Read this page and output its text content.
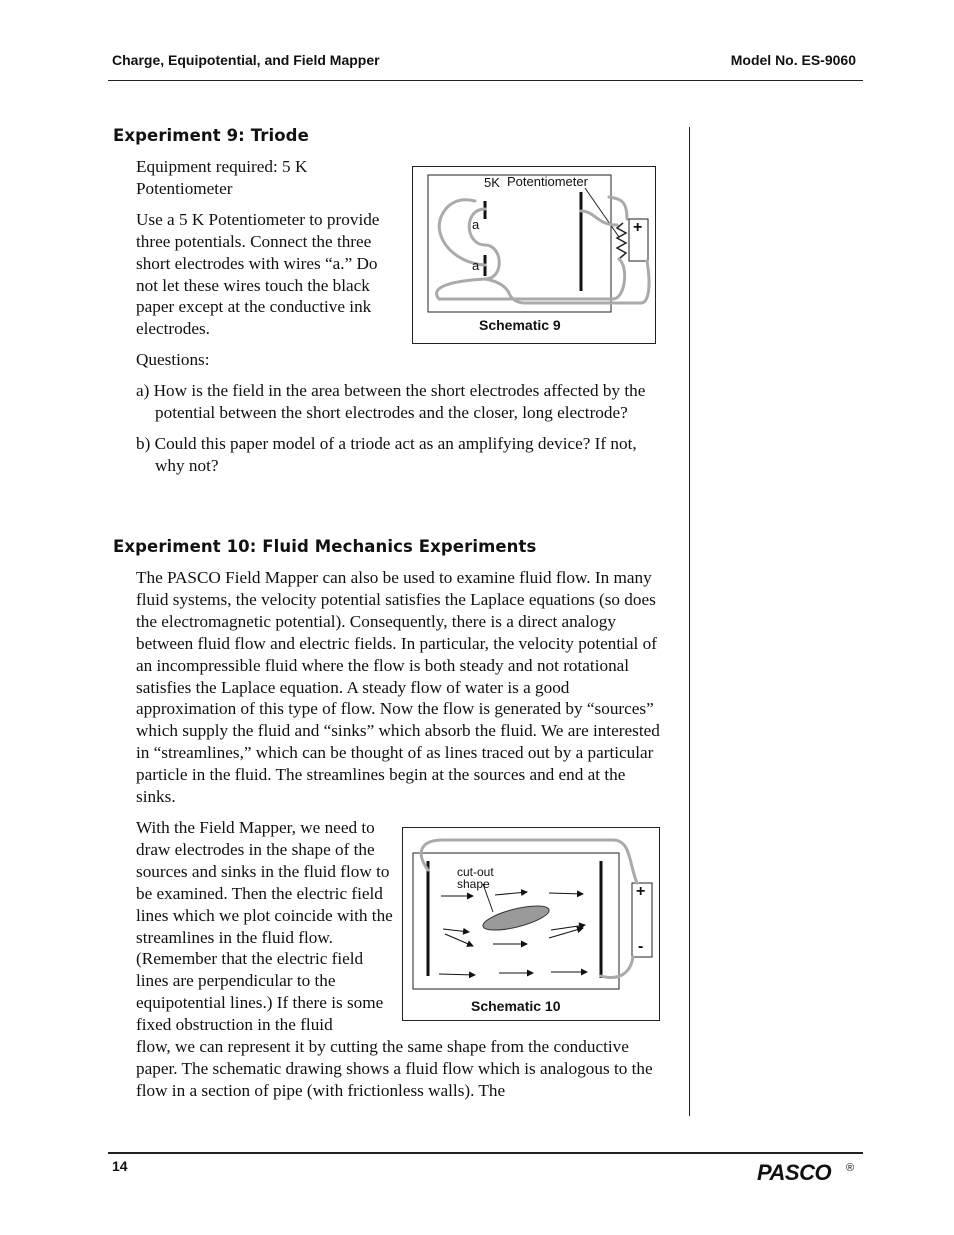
Charge, Equipotential, and Field Mapper	Model No. ES-9060
Experiment 9: Triode

Equipment required: 5 K Potentiometer

Use a 5 K Potentiometer to provide three potentials. Connect the three short electrodes with wires “a.” Do not let these wires touch the black paper except at the conductive ink electrodes.

5K Potentiometer
a
a
+
Schematic 9
Questions:

a) How is the field in the area between the short electrodes affected by the potential between the short electrodes and the closer, long electrode?

b) Could this paper model of a triode act as an amplifying device? If not, why not?

Experiment 10: Fluid Mechanics Experiments

The PASCO Field Mapper can also be used to examine fluid flow. In many fluid systems, the velocity potential satisfies the Laplace equations (so does the electromagnetic potential). Consequently, there is a direct analogy between fluid flow and electric fields. In particular, the velocity potential of an incompressible fluid where the flow is both steady and not rotational satisfies the Laplace equation. A steady flow of water is a good approximation of this type of flow. Now the flow is generated by “sources” which supply the fluid and “sinks” which absorb the fluid. We are interested in “streamlines,” which can be thought of as lines traced out by a particular particle in the fluid. The streamlines begin at the sources and end at the sinks.

With the Field Mapper, we need to draw electrodes in the shape of the sources and sinks in the fluid flow to be examined. Then the electric field lines which we plot coincide with the streamlines in the fluid flow. (Remember that the electric field lines are perpendicular to the equipotential lines.) If there is some fixed obstruction in the fluid

cut-out
shape	+
-
Schematic 10

flow, we can represent it by cutting the same shape from the conductive paper. The schematic drawing shows a fluid flow which is analogous to the flow in a section of pipe (with frictionless walls). The

14	PASCO ®
